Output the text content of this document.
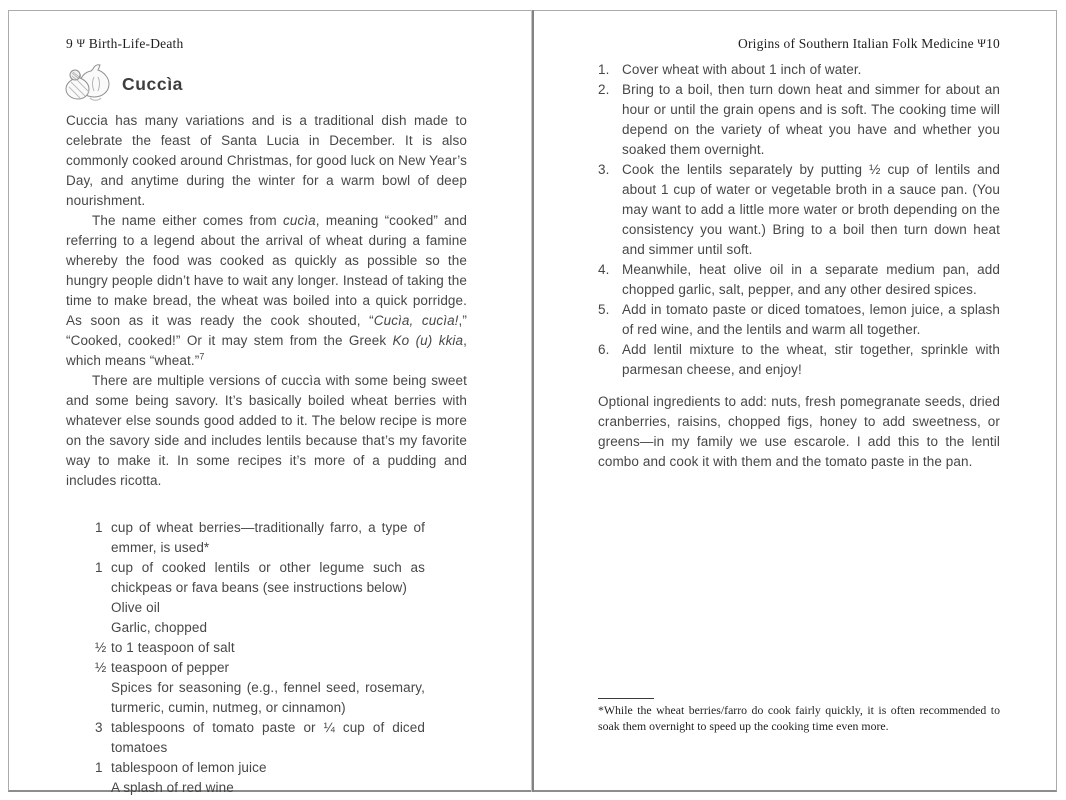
9 Ψ Birth-Life-Death
Cuccìa

Cuccia has many variations and is a traditional dish made to celebrate the feast of Santa Lucia in December. It is also commonly cooked around Christmas, for good luck on New Year’s Day, and anytime during the winter for a warm bowl of deep nourishment.

The name either comes from cucìa, meaning “cooked” and referring to a legend about the arrival of wheat during a famine whereby the food was cooked as quickly as possible so the hungry people didn’t have to wait any longer. Instead of taking the time to make bread, the wheat was boiled into a quick porridge. As soon as it was ready the cook shouted, “Cucìa, cucìa!,” “Cooked, cooked!” Or it may stem from the Greek Ko (u) kkia, which means “wheat.”$^7$

There are multiple versions of cuccìa with some being sweet and some being savory. It’s basically boiled wheat berries with whatever else sounds good added to it. The below recipe is more on the savory side and includes lentils because that’s my favorite way to make it. In some recipes it’s more of a pudding and includes ricotta.

1 cup of wheat berries—traditionally farro, a type of emmer, is used*
1 cup of cooked lentils or other legume such as chickpeas or fava beans (see instructions below)
Olive oil
Garlic, chopped
½ to 1 teaspoon of salt
½ teaspoon of pepper
Spices for seasoning (e.g., fennel seed, rosemary, turmeric, cumin, nutmeg, or cinnamon)
3 tablespoons of tomato paste or ¼ cup of diced tomatoes
1 tablespoon of lemon juice
A splash of red wine
Origins of Southern Italian Folk Medicine Ψ10
1. Cover wheat with about 1 inch of water.
2. Bring to a boil, then turn down heat and simmer for about an hour or until the grain opens and is soft. The cooking time will depend on the variety of wheat you have and whether you soaked them overnight.
3. Cook the lentils separately by putting ½ cup of lentils and about 1 cup of water or vegetable broth in a sauce pan. (You may want to add a little more water or broth depending on the consistency you want.) Bring to a boil then turn down heat and simmer until soft.
4. Meanwhile, heat olive oil in a separate medium pan, add chopped garlic, salt, pepper, and any other desired spices.
5. Add in tomato paste or diced tomatoes, lemon juice, a splash of red wine, and the lentils and warm all together.
6. Add lentil mixture to the wheat, stir together, sprinkle with parmesan cheese, and enjoy!

Optional ingredients to add: nuts, fresh pomegranate seeds, dried cranberries, raisins, chopped figs, honey to add sweetness, or greens—in my family we use escarole. I add this to the lentil combo and cook it with them and the tomato paste in the pan.

*While the wheat berries/farro do cook fairly quickly, it is often recommended to soak them overnight to speed up the cooking time even more.
